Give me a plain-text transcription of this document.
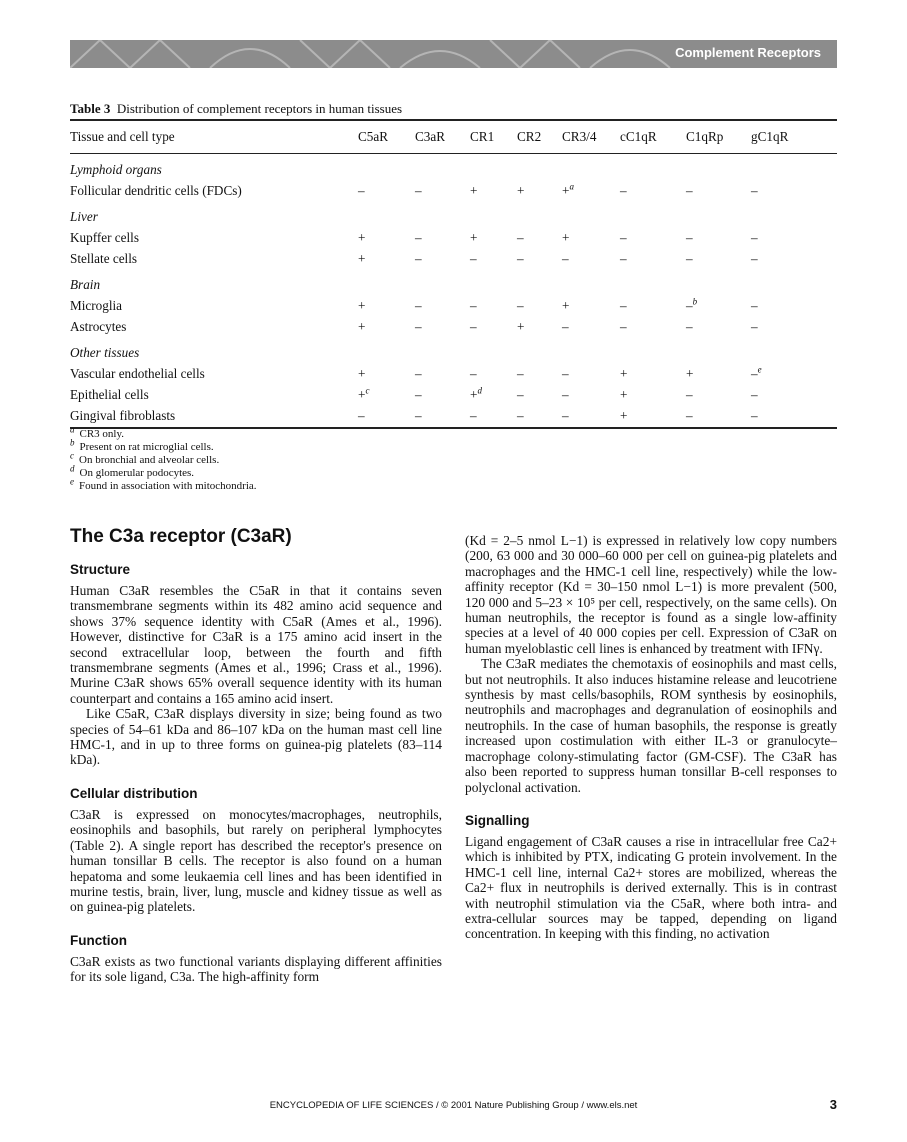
Complement Receptors
Table 3 Distribution of complement receptors in human tissues
Tissue and cell type	C5aR	C3aR	CR1	CR2	CR3/4	cC1qR	C1qRp	gC1qR
Lymphoid organs								
Follicular dendritic cells (FDCs)	–	–	+	+	+$^a$	–	–	–
Liver								
Kupffer cells	+	–	+	–	+	–	–	–
Stellate cells	+	–	–	–	–	–	–	–
Brain								
Microglia	+	–	–	–	+	–	–$^b$	–
Astrocytes	+	–	–	+	–	–	–	–
Other tissues								
Vascular endothelial cells	+	–	–	–	–	+	+	–$^e$
Epithelial cells	+$^c$	–	+$^d$	–	–	+	–	–
Gingival fibroblasts	–	–	–	–	–	+	–	–
$^a$ CR3 only.
$^b$ Present on rat microglial cells.
$^c$ On bronchial and alveolar cells.
$^d$ On glomerular podocytes.
$^e$ Found in association with mitochondria.
The C3a receptor (C3aR)
Structure

Human C3aR resembles the C5aR in that it contains seven transmembrane segments within its 482 amino acid sequence and shows 37% sequence identity with C5aR (Ames et al., 1996). However, distinctive for C3aR is a 175 amino acid insert in the second extracellular loop, between the fourth and fifth transmembrane segments (Ames et al., 1996; Crass et al., 1996). Murine C3aR shows 65% overall sequence identity with its human counterpart and contains a 165 amino acid insert.

Like C5aR, C3aR displays diversity in size; being found as two species of 54–61 kDa and 86–107 kDa on the human mast cell line HMC-1, and in up to three forms on guinea-pig platelets (83–114 kDa).

Cellular distribution

C3aR is expressed on monocytes/macrophages, neutrophils, eosinophils and basophils, but rarely on peripheral lymphocytes (Table 2). A single report has described the receptor's presence on human tonsillar B cells. The receptor is also found on a human hepatoma and some leukaemia cell lines and has been identified in murine testis, brain, liver, lung, muscle and kidney tissue as well as on guinea-pig platelets.

Function

C3aR exists as two functional variants displaying different affinities for its sole ligand, C3a. The high-affinity form

(Kd = 2–5 nmol L−1) is expressed in relatively low copy numbers (200, 63 000 and 30 000–60 000 per cell on guinea-pig platelets and macrophages and the HMC-1 cell line, respectively) while the low-affinity receptor (Kd = 30–150 nmol L−1) is more prevalent (500, 120 000 and 5–23 × 10⁵ per cell, respectively, on the same cells). On human neutrophils, the receptor is found as a single low-affinity species at a level of 40 000 copies per cell. Expression of C3aR on human myeloblastic cell lines is enhanced by treatment with IFNγ.

The C3aR mediates the chemotaxis of eosinophils and mast cells, but not neutrophils. It also induces histamine release and leucotriene synthesis by mast cells/basophils, ROM synthesis by eosinophils, neutrophils and macrophages and degranulation of eosinophils and neutrophils. In the case of human basophils, the response is greatly increased upon costimulation with either IL-3 or granulocyte–macrophage colony-stimulating factor (GM-CSF). The C3aR has also been reported to suppress human tonsillar B-cell responses to polyclonal activation.

Signalling

Ligand engagement of C3aR causes a rise in intracellular free Ca2+ which is inhibited by PTX, indicating G protein involvement. In the HMC-1 cell line, internal Ca2+ stores are mobilized, whereas the Ca2+ flux in neutrophils is derived externally. This is in contrast with neutrophil stimulation via the C5aR, where both intra- and extra-cellular sources may be tapped, depending on ligand concentration. In keeping with this finding, no activation

ENCYCLOPEDIA OF LIFE SCIENCES / © 2001 Nature Publishing Group / www.els.net	3
